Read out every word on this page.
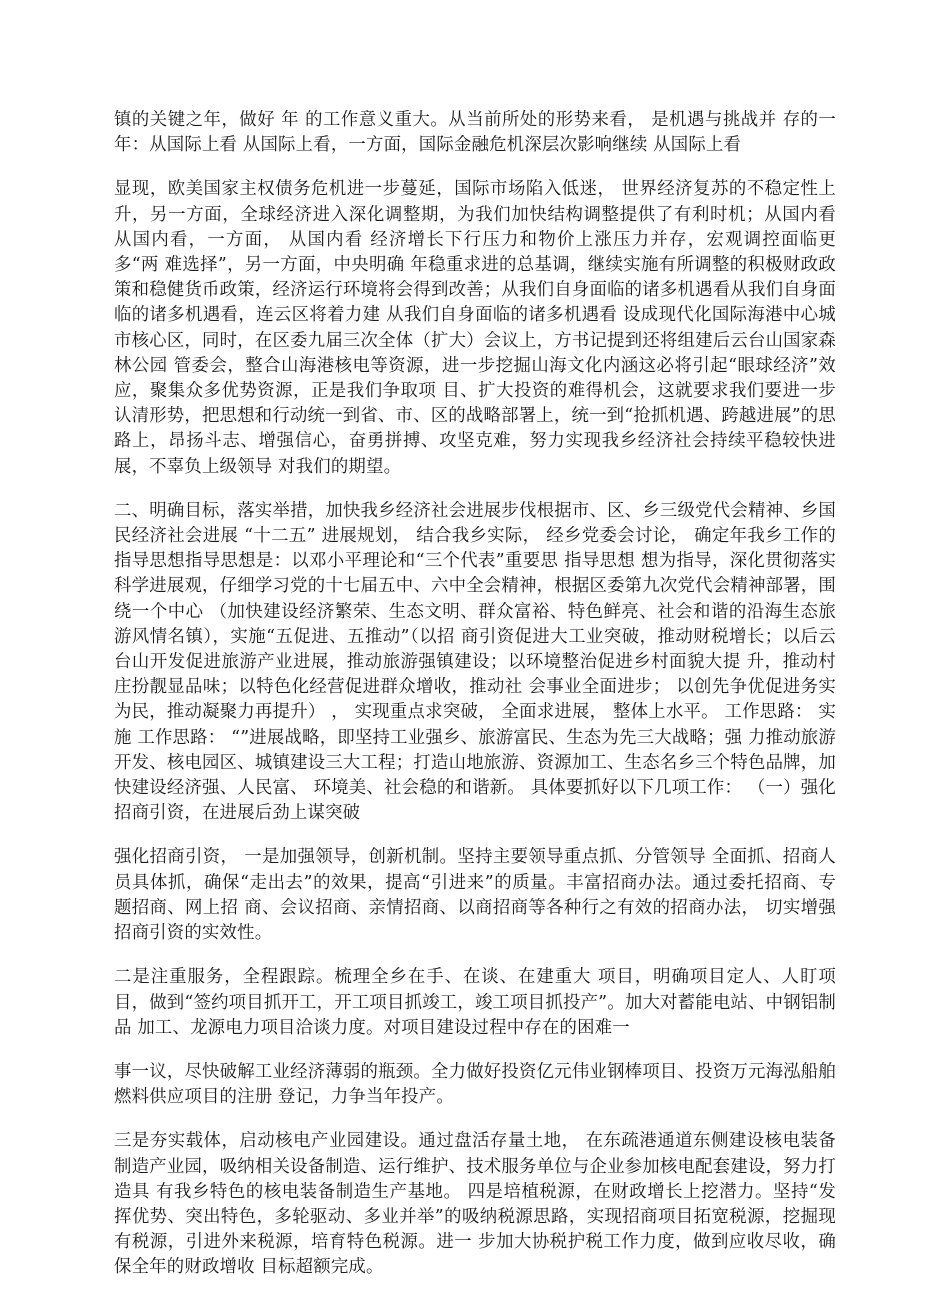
镇的关键之年，做好 年 的工作意义重大。从当前所处的形势来看， 是机遇与挑战并 存的一年：从国际上看 从国际上看，一方面，国际金融危机深层次影响继续 从国际上看

显现，欧美国家主权债务危机进一步蔓延，国际市场陷入低迷， 世界经济复苏的不稳定性上升，另一方面，全球经济进入深化调整期，为我们加快结构调整提供了有利时机；从国内看 从国内看，一方面， 从国内看 经济增长下行压力和物价上涨压力并存，宏观调控面临更多“两 难选择”，另一方面，中央明确 年稳重求进的总基调，继续实施有所调整的积极财政政策和稳健货币政策，经济运行环境将会得到改善；从我们自身面临的诸多机遇看从我们自身面临的诸多机遇看，连云区将着力建 从我们自身面临的诸多机遇看 设成现代化国际海港中心城市核心区，同时，在区委九届三次全体（扩大）会议上，方书记提到还将组建后云台山国家森林公园 管委会，整合山海港核电等资源，进一步挖掘山海文化内涵这必将引起“眼球经济”效应，聚集众多优势资源，正是我们争取项 目、扩大投资的难得机会，这就要求我们要进一步认清形势，把思想和行动统一到省、市、区的战略部署上，统一到“抢抓机遇、跨越进展”的思路上，昂扬斗志、增强信心，奋勇拼搏、攻坚克难，努力实现我乡经济社会持续平稳较快进展，不辜负上级领导 对我们的期望。

二、明确目标，落实举措，加快我乡经济社会进展步伐根据市、区、乡三级党代会精神、乡国民经济社会进展 “十二五” 进展规划， 结合我乡实际， 经乡党委会讨论， 确定年我乡工作的指导思想指导思想是：以邓小平理论和“三个代表”重要思 指导思想 想为指导，深化贯彻落实科学进展观，仔细学习党的十七届五中、六中全会精神，根据区委第九次党代会精神部署，围绕一个中心 （加快建设经济繁荣、生态文明、群众富裕、特色鲜亮、社会和谐的沿海生态旅游风情名镇），实施“五促进、五推动”（以招 商引资促进大工业突破，推动财税增长；以后云台山开发促进旅游产业进展，推动旅游强镇建设；以环境整治促进乡村面貌大提 升，推动村庄扮靓显品味；以特色化经营促进群众增收，推动社 会事业全面进步； 以创先争优促进务实为民，推动凝聚力再提升） ， 实现重点求突破， 全面求进展， 整体上水平。 工作思路： 实施 工作思路： “”进展战略，即坚持工业强乡、旅游富民、生态为先三大战略；强 力推动旅游开发、核电园区、城镇建设三大工程；打造山地旅游、资源加工、生态名乡三个特色品牌，加快建设经济强、人民富、 环境美、社会稳的和谐新。 具体要抓好以下几项工作： （一）强化招商引资，在进展后劲上谋突破

强化招商引资， 一是加强领导，创新机制。坚持主要领导重点抓、分管领导 全面抓、招商人员具体抓，确保“走出去”的效果，提高“引进来”的质量。丰富招商办法。通过委托招商、专题招商、网上招 商、会议招商、亲情招商、以商招商等各种行之有效的招商办法， 切实增强招商引资的实效性。

二是注重服务，全程跟踪。梳理全乡在手、在谈、在建重大 项目，明确项目定人、人盯项目，做到“签约项目抓开工，开工项目抓竣工，竣工项目抓投产”。加大对蓄能电站、中钢铝制品 加工、龙源电力项目洽谈力度。对项目建设过程中存在的困难一

事一议，尽快破解工业经济薄弱的瓶颈。全力做好投资亿元伟业钢棒项目、投资万元海泓船舶燃料供应项目的注册 登记，力争当年投产。

三是夯实载体，启动核电产业园建设。通过盘活存量土地， 在东疏港通道东侧建设核电装备制造产业园，吸纳相关设备制造、运行维护、技术服务单位与企业参加核电配套建设，努力打造具 有我乡特色的核电装备制造生产基地。 四是培植税源，在财政增长上挖潜力。坚持“发挥优势、突出特色，多轮驱动、多业并举”的吸纳税源思路，实现招商项目拓宽税源，挖掘现有税源，引进外来税源，培育特色税源。进一 步加大协税护税工作力度，做到应收尽收，确保全年的财政增收 目标超额完成。
